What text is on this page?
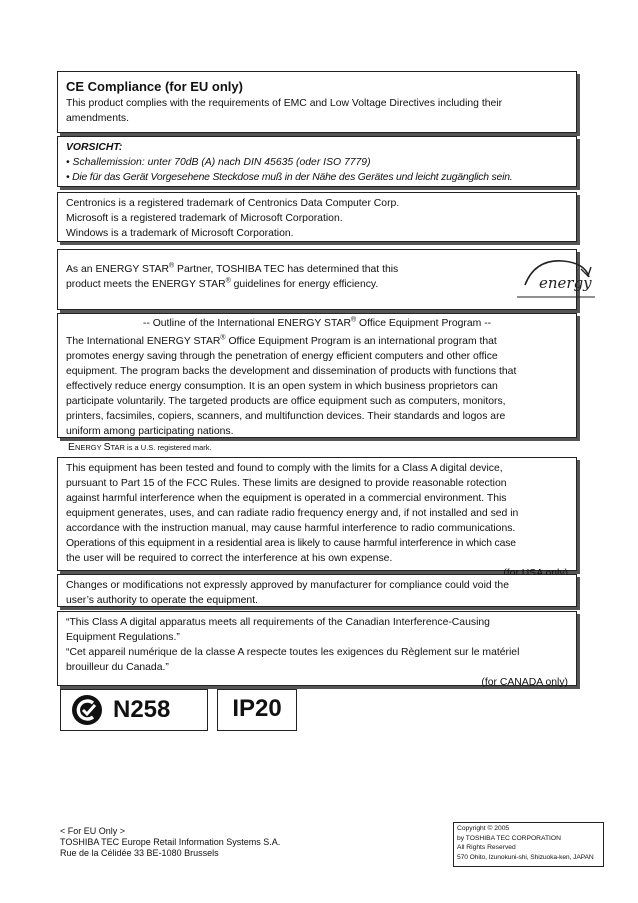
CE Compliance (for EU only)
This product complies with the requirements of EMC and Low Voltage Directives including their
amendments.
VORSICHT:
• Schallemission: unter 70dB (A) nach DIN 45635 (oder ISO 7779)
• Die für das Gerät Vorgesehene Steckdose muß in der Nähe des Gerätes und leicht zugänglich sein.
Centronics is a registered trademark of Centronics Data Computer Corp.
Microsoft is a registered trademark of Microsoft Corporation.
Windows is a trademark of Microsoft Corporation.
As an ENERGY STAR® Partner, TOSHIBA TEC has determined that this
product meets the ENERGY STAR® guidelines for energy efficiency.	energy
-- Outline of the International ENERGY STAR® Office Equipment Program --
The International ENERGY STAR® Office Equipment Program is an international program that
promotes energy saving through the penetration of energy efficient computers and other office
equipment. The program backs the development and dissemination of products with functions that
effectively reduce energy consumption. It is an open system in which business proprietors can
participate voluntarily. The targeted products are office equipment such as computers, monitors,
printers, facsimiles, copiers, scanners, and multifunction devices. Their standards and logos are
uniform among participating nations.
ENERGY STAR is a U.S. registered mark.
This equipment has been tested and found to comply with the limits for a Class A digital device,
pursuant to Part 15 of the FCC Rules. These limits are designed to provide reasonable rotection
against harmful interference when the equipment is operated in a commercial environment. This
equipment generates, uses, and can radiate radio frequency energy and, if not installed and sed in
accordance with the instruction manual, may cause harmful interference to radio communications.
Operations of this equipment in a residential area is likely to cause harmful interference in which case
the user will be required to correct the interference at his own expense.
Changes or modifications not expressly approved by manufacturer for compliance could void the
user’s authority to operate the equipment.
“This Class A digital apparatus meets all requirements of the Canadian Interference-Causing
Equipment Regulations.”
“Cet appareil numérique de la classe A respecte toutes les exigences du Règlement sur le matériel
brouilleur du Canada.”
(for CANADA only)
N258	IP20
< For EU Only >
TOSHIBA TEC Europe Retail Information Systems S.A.
Rue de la Célidée 33 BE-1080 Brussels
Copyright © 2005
by TOSHIBA TEC CORPORATION
All Rights Reserved
570 Ohito, Izunokuni-shi, Shizuoka-ken, JAPAN
